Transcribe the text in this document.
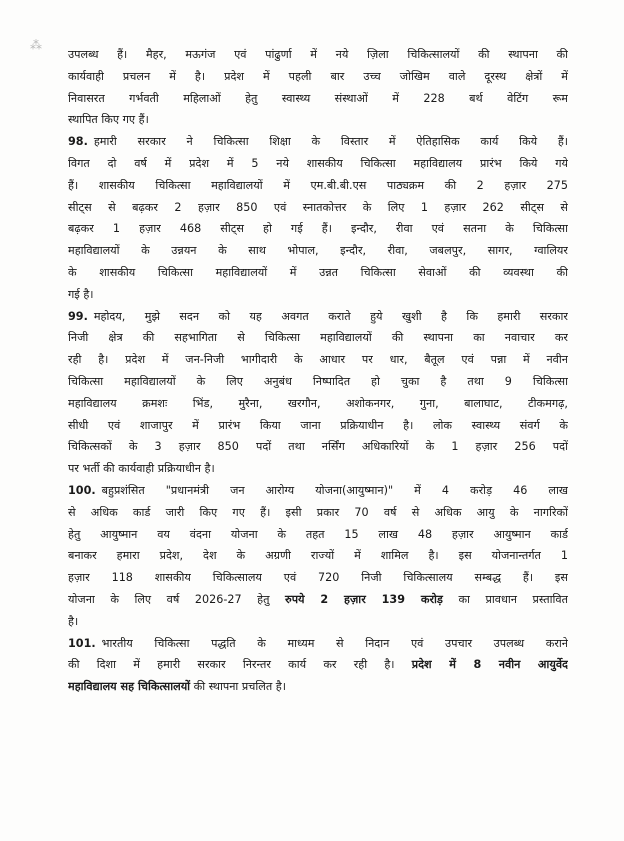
⁂

उपलब्ध हैं। मैहर, मऊगंज एवं पांढुर्णा में नये ज़िला चिकित्सालयों की स्थापना की
कार्यवाही प्रचलन में है। प्रदेश में पहली बार उच्च जोखिम वाले दूरस्थ क्षेत्रों में
निवासरत गर्भवती महिलाओं हेतु स्वास्थ्य संस्थाओं में 228 बर्थ वेटिंग रूम
स्थापित किए गए हैं।

98. हमारी सरकार ने चिकित्सा शिक्षा के विस्तार में ऐतिहासिक कार्य किये हैं।
विगत दो वर्ष में प्रदेश में 5 नये शासकीय चिकित्सा महाविद्यालय प्रारंभ किये गये
हैं। शासकीय चिकित्सा महाविद्यालयों में एम.बी.बी.एस पाठ्यक्रम की 2 हज़ार 275
सीट्स से बढ़कर 2 हज़ार 850 एवं स्नातकोत्तर के लिए 1 हज़ार 262 सीट्स से
बढ़कर 1 हज़ार 468 सीट्स हो गई हैं। इन्दौर, रीवा एवं सतना के चिकित्सा
महाविद्यालयों के उन्नयन के साथ भोपाल, इन्दौर, रीवा, जबलपुर, सागर, ग्वालियर
के शासकीय चिकित्सा महाविद्यालयों में उन्नत चिकित्सा सेवाओं की व्यवस्था की
गई है।

99. महोदय, मुझे सदन को यह अवगत कराते हुये खुशी है कि हमारी सरकार
निजी क्षेत्र की सहभागिता से चिकित्सा महाविद्यालयों की स्थापना का नवाचार कर
रही है। प्रदेश में जन-निजी भागीदारी के आधार पर धार, बैतूल एवं पन्ना में नवीन
चिकित्सा महाविद्यालयों के लिए अनुबंध निष्पादित हो चुका है तथा 9 चिकित्सा
महाविद्यालय क्रमशः भिंड, मुरैना, खरगौन, अशोकनगर, गुना, बालाघाट, टीकमगढ़,
सीधी एवं शाजापुर में प्रारंभ किया जाना प्रक्रियाधीन है। लोक स्वास्थ्य संवर्ग के
चिकित्सकों के 3 हज़ार 850 पदों तथा नर्सिंग अधिकारियों के 1 हज़ार 256 पदों
पर भर्ती की कार्यवाही प्रक्रियाधीन है।

100. बहुप्रशंसित "प्रधानमंत्री जन आरोग्य योजना(आयुष्मान)" में 4 करोड़ 46 लाख
से अधिक कार्ड जारी किए गए हैं। इसी प्रकार 70 वर्ष से अधिक आयु के नागरिकों
हेतु आयुष्मान वय वंदना योजना के तहत 15 लाख 48 हज़ार आयुष्मान कार्ड
बनाकर हमारा प्रदेश, देश के अग्रणी राज्यों में शामिल है। इस योजनान्तर्गत 1
हज़ार 118 शासकीय चिकित्सालय एवं 720 निजी चिकित्सालय सम्बद्ध हैं। इस
योजना के लिए वर्ष 2026-27 हेतु रुपये 2 हज़ार 139 करोड़ का प्रावधान प्रस्तावित
है।

101. भारतीय चिकित्सा पद्धति के माध्यम से निदान एवं उपचार उपलब्ध कराने
की दिशा में हमारी सरकार निरन्तर कार्य कर रही है। प्रदेश में 8 नवीन आयुर्वेद
महाविद्यालय सह चिकित्सालयों की स्थापना प्रचलित है।
